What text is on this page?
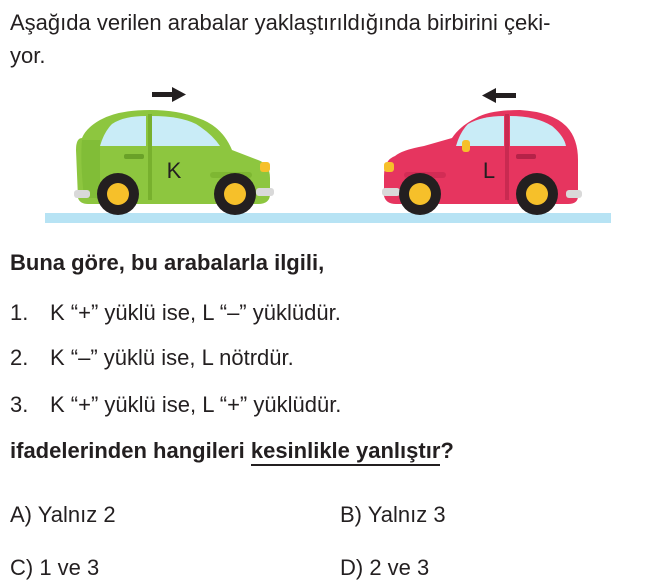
Aşağıda verilen arabalar yaklaştırıldığında birbirini çeki-
yor.

K	L

Buna göre, bu arabalarla ilgili,

1. K “+” yüklü ise, L “–” yüklüdür.

2. K “–” yüklü ise, L nötrdür.

3. K “+” yüklü ise, L “+” yüklüdür.

ifadelerinden hangileri kesinlikle yanlıştır?

A) Yalnız 2	B) Yalnız 3

C) 1 ve 3	D) 2 ve 3
